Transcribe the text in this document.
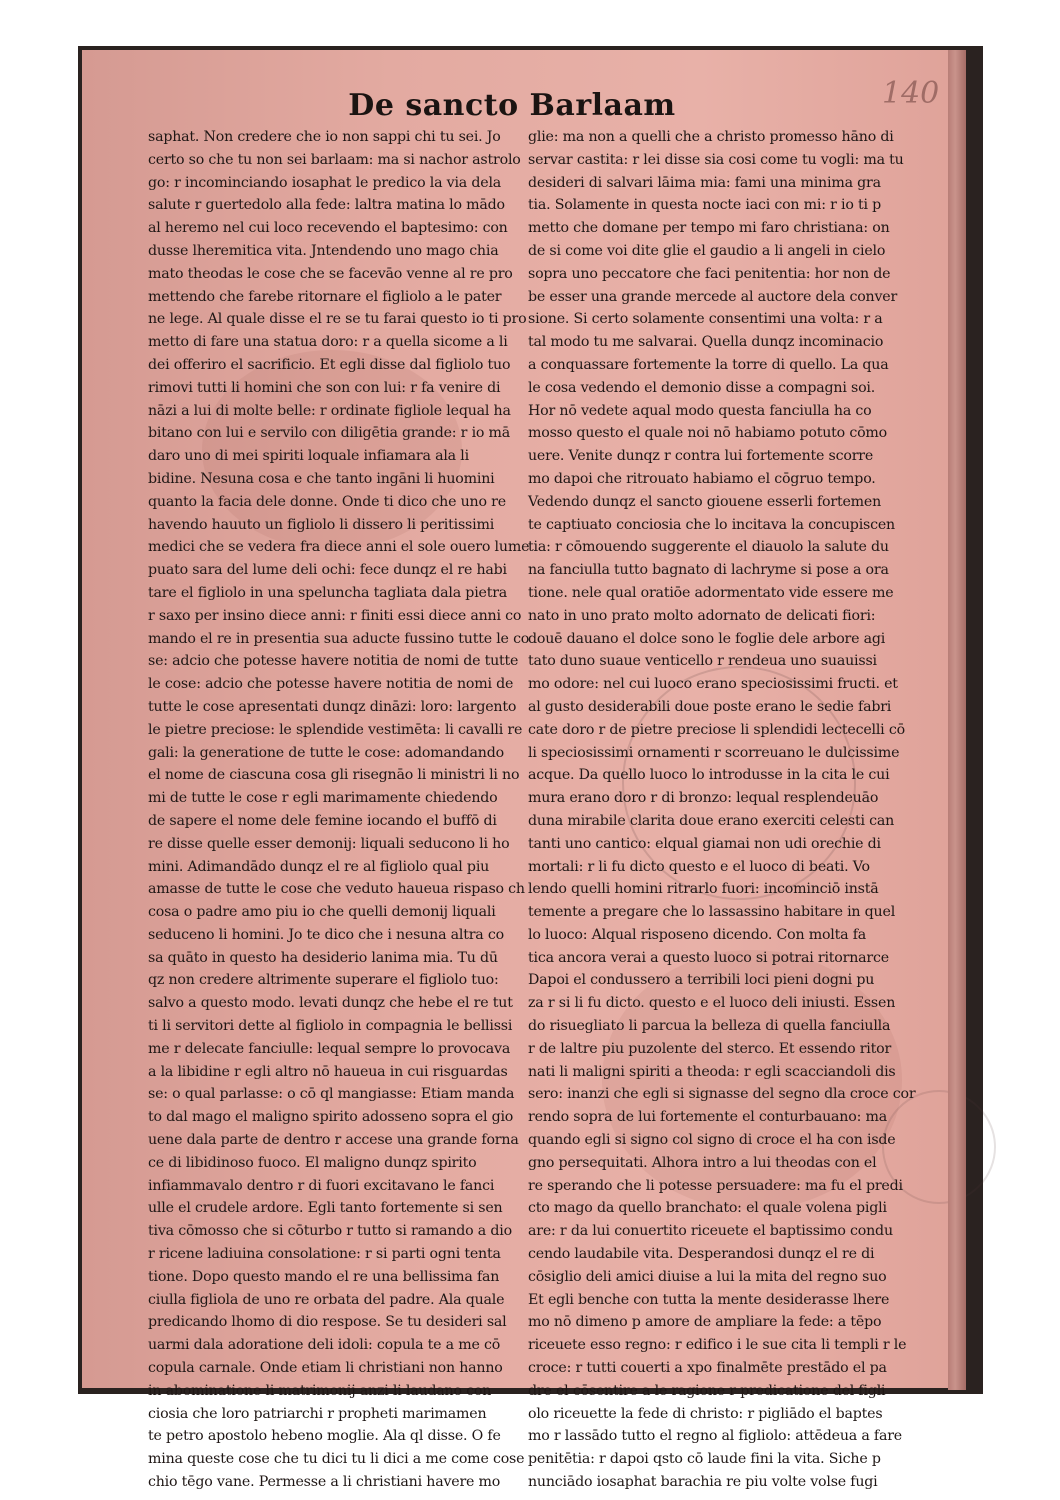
De sancto Barlaam	140
saphat. Non credere che io non sappi chi tu sei. Jo
certo so che tu non sei barlaam: ma si nachor astrolo
go: r incominciando iosaphat le predico la via dela
salute r guertedolo alla fede: laltra matina lo mādo
al heremo nel cui loco recevendo el baptesimo: con
dusse lheremitica vita. Jntendendo uno mago chia
mato theodas le cose che se facevāo venne al re pro
mettendo che farebe ritornare el figliolo a le pater
ne lege. Al quale disse el re se tu farai questo io ti pro
metto di fare una statua doro: r a quella sicome a li
dei offeriro el sacrificio. Et egli disse dal figliolo tuo
rimovi tutti li homini che son con lui: r fa venire di
nāzi a lui di molte belle: r ordinate figliole lequal ha
bitano con lui e servilo con diligētia grande: r io mā
daro uno di mei spiriti loquale infiamara ala li
bidine. Nesuna cosa e che tanto ingāni li huomini
quanto la facia dele donne. Onde ti dico che uno re
havendo hauuto un figliolo li dissero li peritissimi
medici che se vedera fra diece anni el sole ouero lume
puato sara del lume deli ochi: fece dunqz el re habi
tare el figliolo in una speluncha tagliata dala pietra
r saxo per insino diece anni: r finiti essi diece anni co
mando el re in presentia sua aducte fussino tutte le co
se: adcio che potesse havere notitia de nomi de tutte
le cose: adcio che potesse havere notitia de nomi de
tutte le cose apresentati dunqz dināzi: loro: largento
le pietre preciose: le splendide vestimēta: li cavalli re
gali: la generatione de tutte le cose: adomandando
el nome de ciascuna cosa gli risegnāo li ministri li no
mi de tutte le cose r egli marimamente chiedendo
de sapere el nome dele femine iocando el buffō di
re disse quelle esser demonij: liquali seducono li ho
mini. Adimandādo dunqz el re al figliolo qual piu
amasse de tutte le cose che veduto haueua rispaso ch
cosa o padre amo piu io che quelli demonij liquali
seduceno li homini. Jo te dico che i nesuna altra co
sa quāto in questo ha desiderio lanima mia. Tu dū
qz non credere altrimente superare el figliolo tuo:
salvo a questo modo. levati dunqz che hebe el re tut
ti li servitori dette al figliolo in compagnia le bellissi
me r delecate fanciulle: lequal sempre lo provocava
a la libidine r egli altro nō haueua in cui risguardas
se: o qual parlasse: o cō ql mangiasse: Etiam manda
to dal mago el maligno spirito adosseno sopra el gio
uene dala parte de dentro r accese una grande forna
ce di libidinoso fuoco. El maligno dunqz spirito
infiammavalo dentro r di fuori excitavano le fanci
ulle el crudele ardore. Egli tanto fortemente si sen
tiva cōmosso che si cōturbo r tutto si ramando a dio
r ricene ladiuina consolatione: r si parti ogni tenta
tione. Dopo questo mando el re una bellissima fan
ciulla figliola de uno re orbata del padre. Ala quale
predicando lhomo di dio respose. Se tu desideri sal
uarmi dala adoratione deli idoli: copula te a me cō
copula carnale. Onde etiam li christiani non hanno
in abominatione li matrimonij anzi li laudano con
ciosia che loro patriarchi r propheti marimamen
te petro apostolo hebeno moglie. Ala ql disse. O fe
mina queste cose che tu dici tu li dici a me come cose
chio tēgo vane. Permesse a li christiani havere mo
glie: ma non a quelli che a christo promesso hāno di
servar castita: r lei disse sia cosi come tu vogli: ma tu
desideri di salvari lāima mia: fami una minima gra
tia. Solamente in questa nocte iaci con mi: r io ti p
metto che domane per tempo mi faro christiana: on
de si come voi dite glie el gaudio a li angeli in cielo
sopra uno peccatore che faci penitentia: hor non de
be esser una grande mercede al auctore dela conver
sione. Si certo solamente consentimi una volta: r a
tal modo tu me salvarai. Quella dunqz incominacio
a conquassare fortemente la torre di quello. La qua
le cosa vedendo el demonio disse a compagni soi.
Hor nō vedete aqual modo questa fanciulla ha co
mosso questo el quale noi nō habiamo potuto cōmo
uere. Venite dunqz r contra lui fortemente scorre
mo dapoi che ritrouato habiamo el cōgruo tempo.
Vedendo dunqz el sancto giouene esserli fortemen
te captiuato conciosia che lo incitava la concupiscen
tia: r cōmouendo suggerente el diauolo la salute du
na fanciulla tutto bagnato di lachryme si pose a ora
tione. nele qual oratiōe adormentato vide essere me
nato in uno prato molto adornato de delicati fiori:
douē dauano el dolce sono le foglie dele arbore agi
tato duno suaue venticello r rendeua uno suauissi
mo odore: nel cui luoco erano speciosissimi fructi. et
al gusto desiderabili doue poste erano le sedie fabri
cate doro r de pietre preciose li splendidi lectecelli cō
li speciosissimi ornamenti r scorreuano le dulcissime
acque. Da quello luoco lo introdusse in la cita le cui
mura erano doro r di bronzo: lequal resplendeuāo
duna mirabile clarita doue erano exerciti celesti can
tanti uno cantico: elqual giamai non udi orechie di
mortali: r li fu dicto questo e el luoco di beati. Vo
lendo quelli homini ritrarlo fuori: incominciō instā
temente a pregare che lo lassassino habitare in quel
lo luoco: Alqual risposeno dicendo. Con molta fa
tica ancora verai a questo luoco si potrai ritornarce
Dapoi el condussero a terribili loci pieni dogni pu
za r si li fu dicto. questo e el luoco deli iniusti. Essen
do risuegliato li parcua la belleza di quella fanciulla
r de laltre piu puzolente del sterco. Et essendo ritor
nati li maligni spiriti a theoda: r egli scacciandoli dis
sero: inanzi che egli si signasse del segno dla croce cor
rendo sopra de lui fortemente el conturbauano: ma
quando egli si signo col signo di croce el ha con isde
gno persequitati. Alhora intro a lui theodas con el
re sperando che li potesse persuadere: ma fu el predi
cto mago da quello branchato: el quale volena pigli
are: r da lui conuertito riceuete el baptissimo condu
cendo laudabile vita. Desperandosi dunqz el re di
cōsiglio deli amici diuise a lui la mita del regno suo
Et egli benche con tutta la mente desiderasse lhere
mo nō dimeno p amore de ampliare la fede: a tēpo
riceuete esso regno: r edifico i le sue cita li templi r le
croce: r tutti couerti a xpo finalmēte prestādo el pa
dre el cōsentire a le ragione r predicatione del figli
olo riceuette la fede di christo: r pigliādo el baptes
mo r lassādo tutto el regno al figliolo: attēdeua a fare
penitētia: r dapoi qsto cō laude fini la vita. Siche p
nunciādo iosaphat barachia re piu volte volse fugi
